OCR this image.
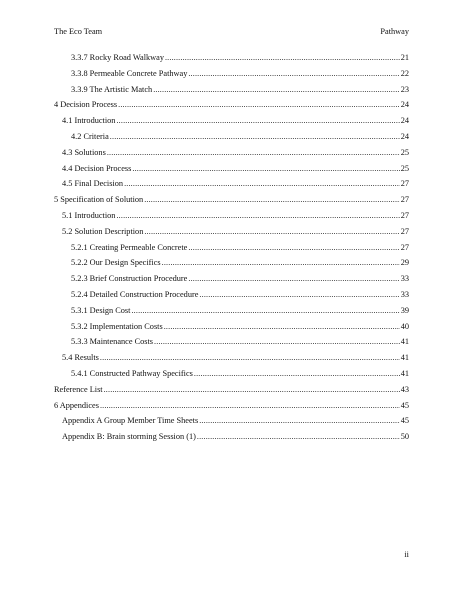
The Eco Team	Pathway
3.3.7 Rocky Road Walkway .....	21
3.3.8 Permeable Concrete Pathway .....	22
3.3.9 The Artistic Match .....	23
4 Decision Process .....	24
4.1 Introduction .....	24
4.2 Criteria .....	24
4.3 Solutions .....	25
4.4 Decision Process .....	25
4.5 Final Decision .....	27
5 Specification of Solution .....	27
5.1 Introduction .....	27
5.2 Solution Description .....	27
5.2.1 Creating Permeable Concrete .....	27
5.2.2 Our Design Specifics .....	29
5.2.3 Brief Construction Procedure .....	33
5.2.4 Detailed Construction Procedure .....	33
5.3.1 Design Cost .....	39
5.3.2 Implementation Costs .....	40
5.3.3 Maintenance Costs .....	41
5.4 Results .....	41
5.4.1 Constructed Pathway Specifics .....	41
Reference List .....	43
6 Appendices .....	45
Appendix A Group Member Time Sheets .....	45
Appendix B: Brain storming Session (1) .....	50
ii
